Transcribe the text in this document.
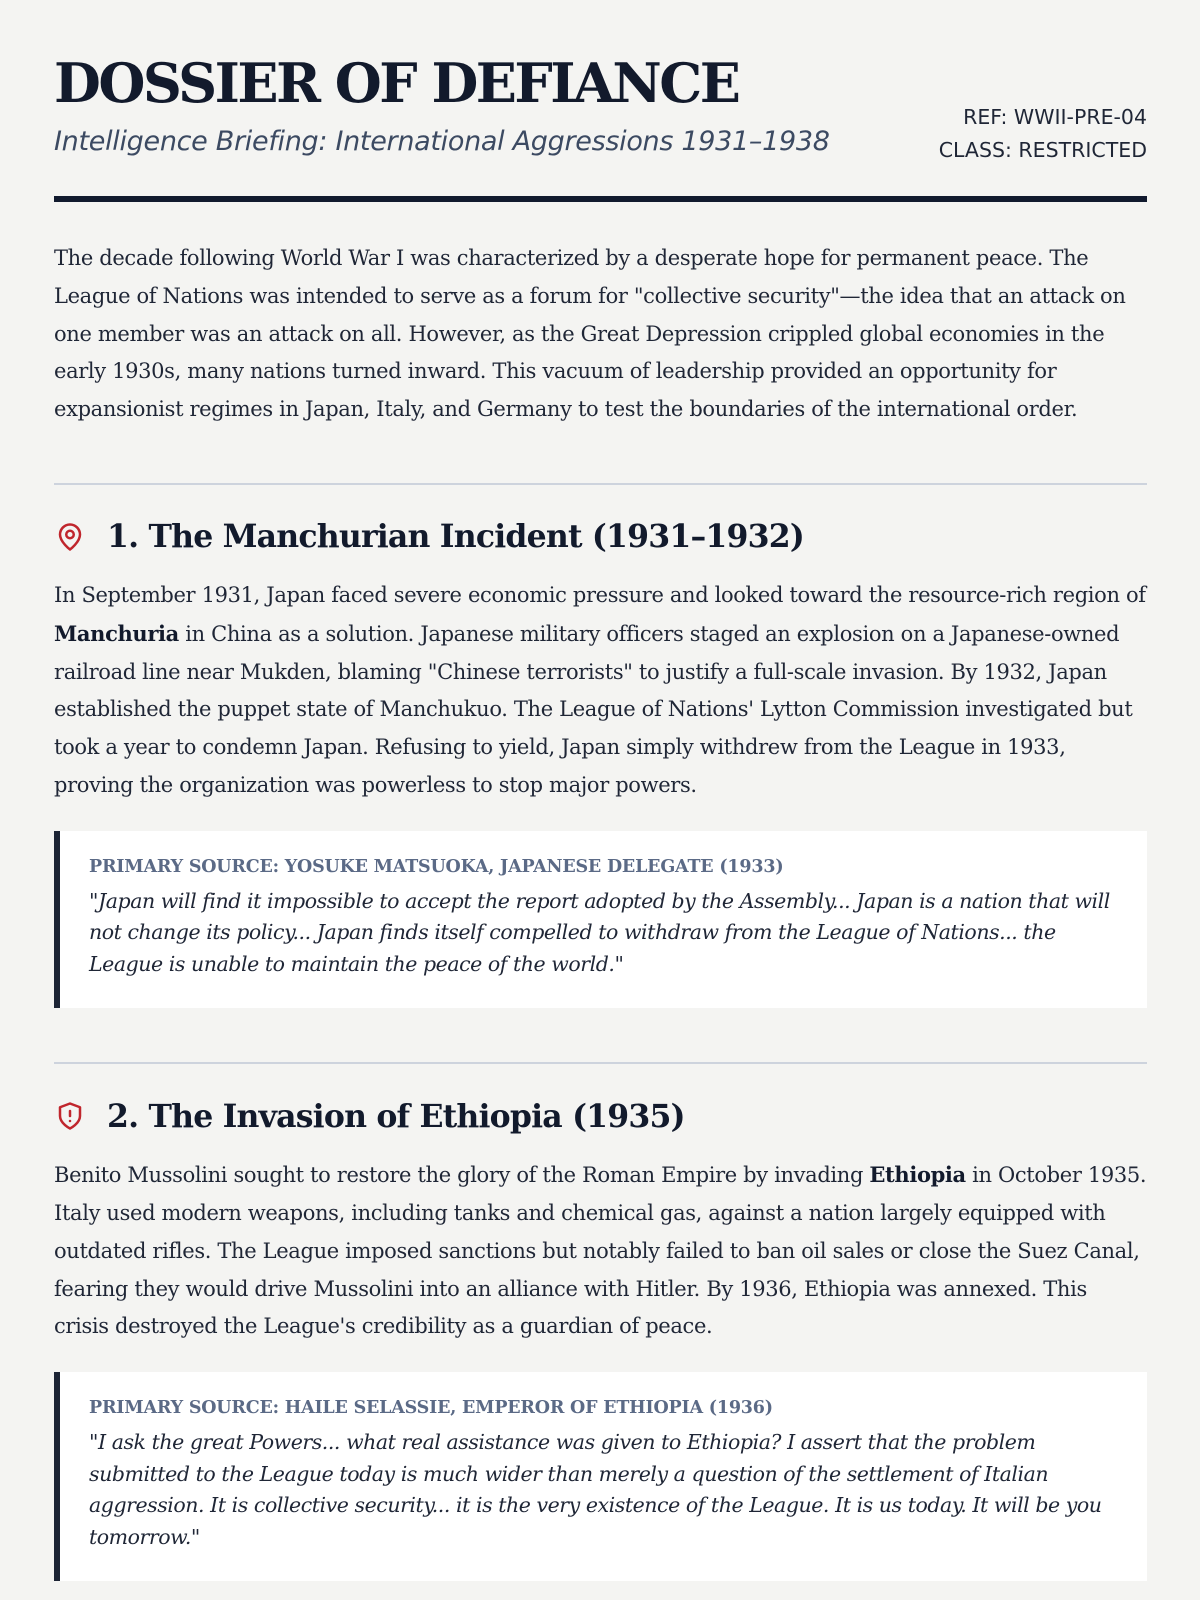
DOSSIER OF DEFIANCE
Intelligence Briefing: International Aggressions 1931–1938
REF: WWII-PRE-04
CLASS: RESTRICTED

The decade following World War I was characterized by a desperate hope for permanent peace. The League of Nations was intended to serve as a forum for "collective security"—the idea that an attack on one member was an attack on all. However, as the Great Depression crippled global economies in the early 1930s, many nations turned inward. This vacuum of leadership provided an opportunity for expansionist regimes in Japan, Italy, and Germany to test the boundaries of the international order.

1. The Manchurian Incident (1931–1932)

In September 1931, Japan faced severe economic pressure and looked toward the resource-rich region of Manchuria in China as a solution. Japanese military officers staged an explosion on a Japanese-owned railroad line near Mukden, blaming "Chinese terrorists" to justify a full-scale invasion. By 1932, Japan established the puppet state of Manchukuo. The League of Nations' Lytton Commission investigated but took a year to condemn Japan. Refusing to yield, Japan simply withdrew from the League in 1933, proving the organization was powerless to stop major powers.

PRIMARY SOURCE: YOSUKE MATSUOKA, JAPANESE DELEGATE (1933)
"Japan will find it impossible to accept the report adopted by the Assembly... Japan is a nation that will not change its policy... Japan finds itself compelled to withdraw from the League of Nations... the League is unable to maintain the peace of the world."
2. The Invasion of Ethiopia (1935)

Benito Mussolini sought to restore the glory of the Roman Empire by invading Ethiopia in October 1935. Italy used modern weapons, including tanks and chemical gas, against a nation largely equipped with outdated rifles. The League imposed sanctions but notably failed to ban oil sales or close the Suez Canal, fearing they would drive Mussolini into an alliance with Hitler. By 1936, Ethiopia was annexed. This crisis destroyed the League's credibility as a guardian of peace.

PRIMARY SOURCE: HAILE SELASSIE, EMPEROR OF ETHIOPIA (1936)
"I ask the great Powers... what real assistance was given to Ethiopia? I assert that the problem submitted to the League today is much wider than merely a question of the settlement of Italian aggression. It is collective security... it is the very existence of the League. It is us today. It will be you tomorrow."
